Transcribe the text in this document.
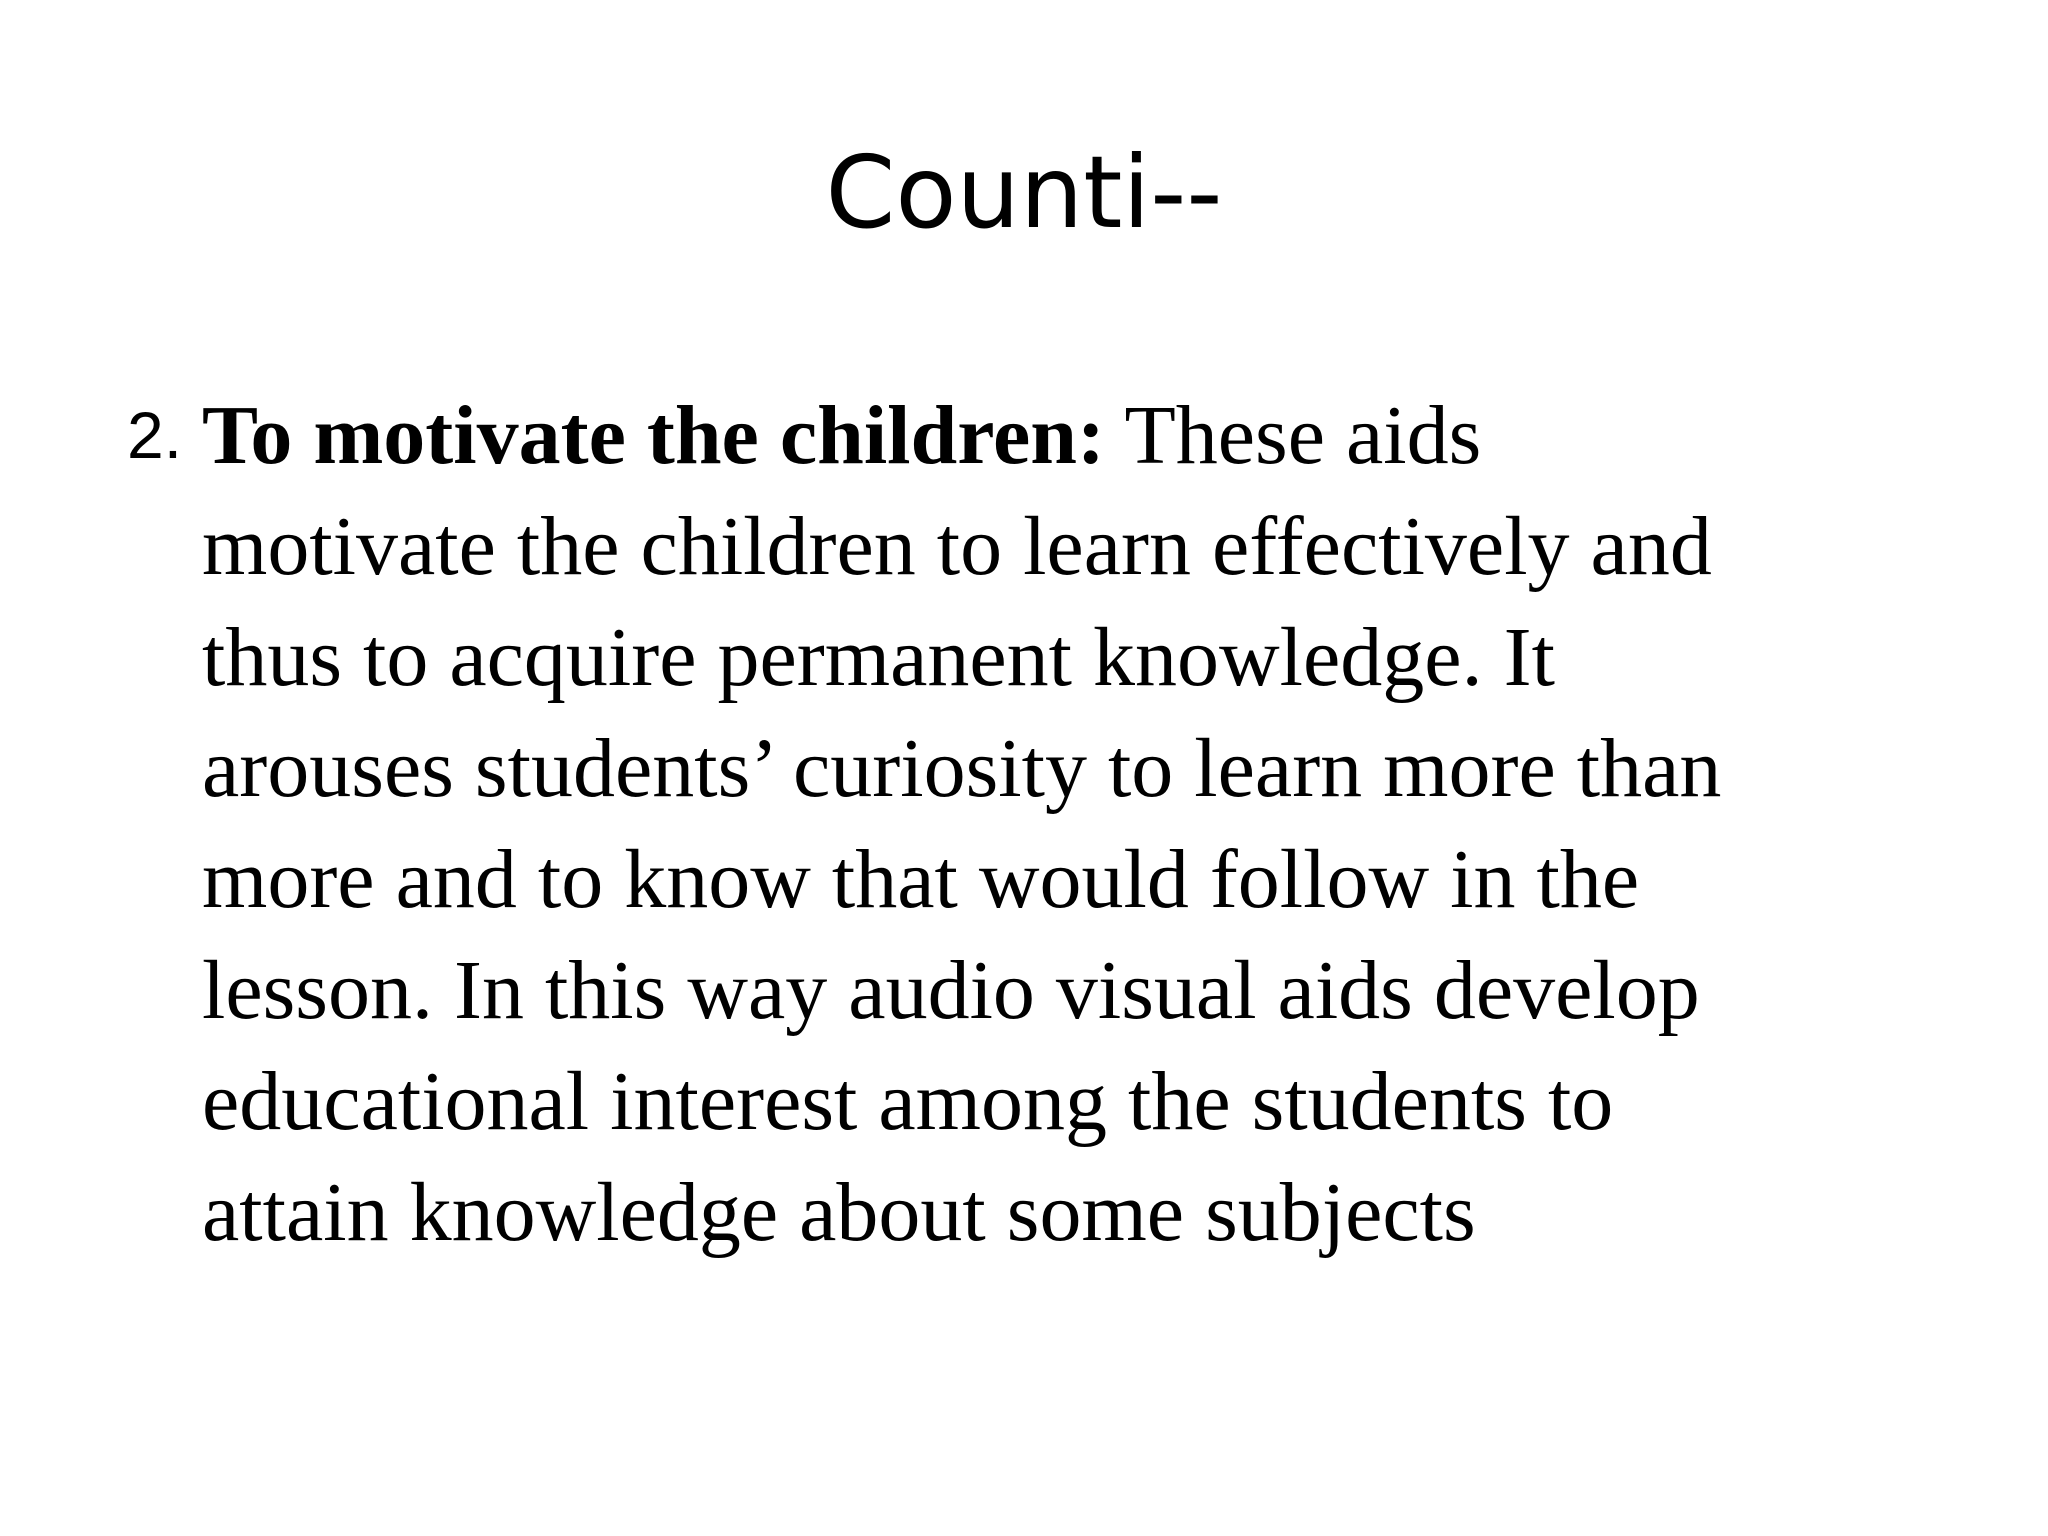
Counti--

2. To motivate the children: These aids
motivate the children to learn effectively and
thus to acquire permanent knowledge. It
arouses students’ curiosity to learn more than
more and to know that would follow in the
lesson. In this way audio visual aids develop
educational interest among the students to
attain knowledge about some subjects
